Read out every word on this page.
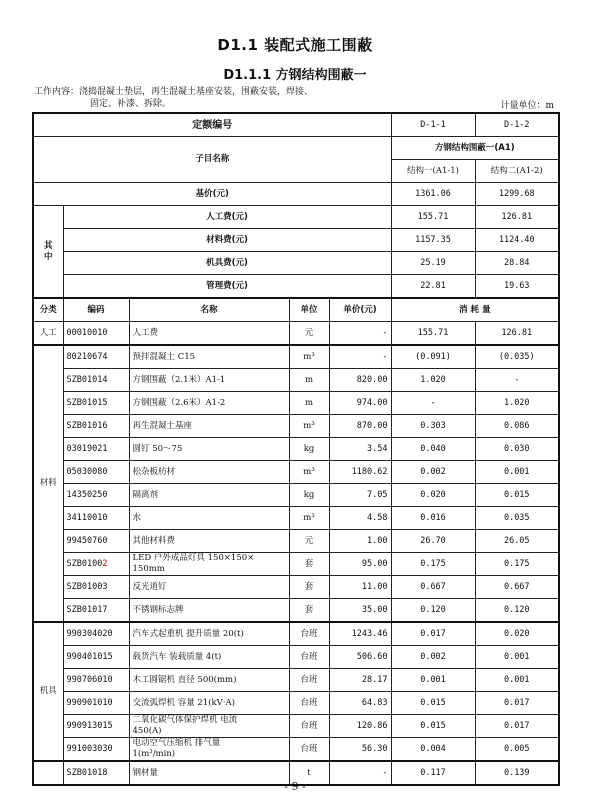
D1.1 装配式施工围蔽
D1.1.1 方钢结构围蔽一
工作内容：浇捣混凝土垫层，再生混凝土基座安装，围蔽安装，焊接、
固定、补漆、拆除。	计量单位：m
定额编号					D-1-1	D-1-2
子目名称					方钢结构围蔽一(A1)	
					结构一(A1-1)	结构二(A1-2)
基价(元)					1361.06	1299.68
其
中	人工费(元)				155.71	126.81
	材料费(元)				1157.35	1124.40
	机具费(元)				25.19	28.84
	管理费(元)				22.81	19.63
分类	编码	名称	单位	单价(元)	消 耗 量	
人工	00010010	人工费	元	-	155.71	126.81
材料	80210674	预拌混凝土 C15	m³	-	(0.091)	(0.035)
	SZB01014	方钢围蔽（2.1米）A1-1	m	820.00	1.020	-
	SZB01015	方钢围蔽（2.6米）A1-2	m	974.00	-	1.020
	SZB01016	再生混凝土基座	m³	870.00	0.303	0.086
	03019021	圆钉 50～75	kg	3.54	0.040	0.030
	05030080	松杂板枋材	m³	1180.62	0.002	0.001
	14350250	隔离剂	kg	7.05	0.020	0.015
	34110010	水	m³	4.58	0.016	0.035
	99450760	其他材料费	元	1.00	26.70	26.05
	SZB01002	LED 户外成品灯具 150×150×
150mm	套	95.00	0.175	0.175
	SZB01003	反光道钉	套	11.00	0.667	0.667
	SZB01017	不锈钢标志牌	套	35.00	0.120	0.120
机具	990304020	汽车式起重机 提升质量 20(t)	台班	1243.46	0.017	0.020
	990401015	载货汽车 装载质量 4(t)	台班	506.60	0.002	0.001
	990706010	木工圆锯机 直径 500(mm)	台班	28.17	0.001	0.001
	990901010	交流弧焊机 容量 21(kV·A)	台班	64.83	0.015	0.017
	990913015	二氧化碳气体保护焊机 电流
450(A)	台班	120.86	0.015	0.017
	991003030	电动空气压缩机 排气量
1(m³/min)	台班	56.30	0.004	0.005
	SZB01018	钢材量	t	-	0.117	0.139
- 9 -
